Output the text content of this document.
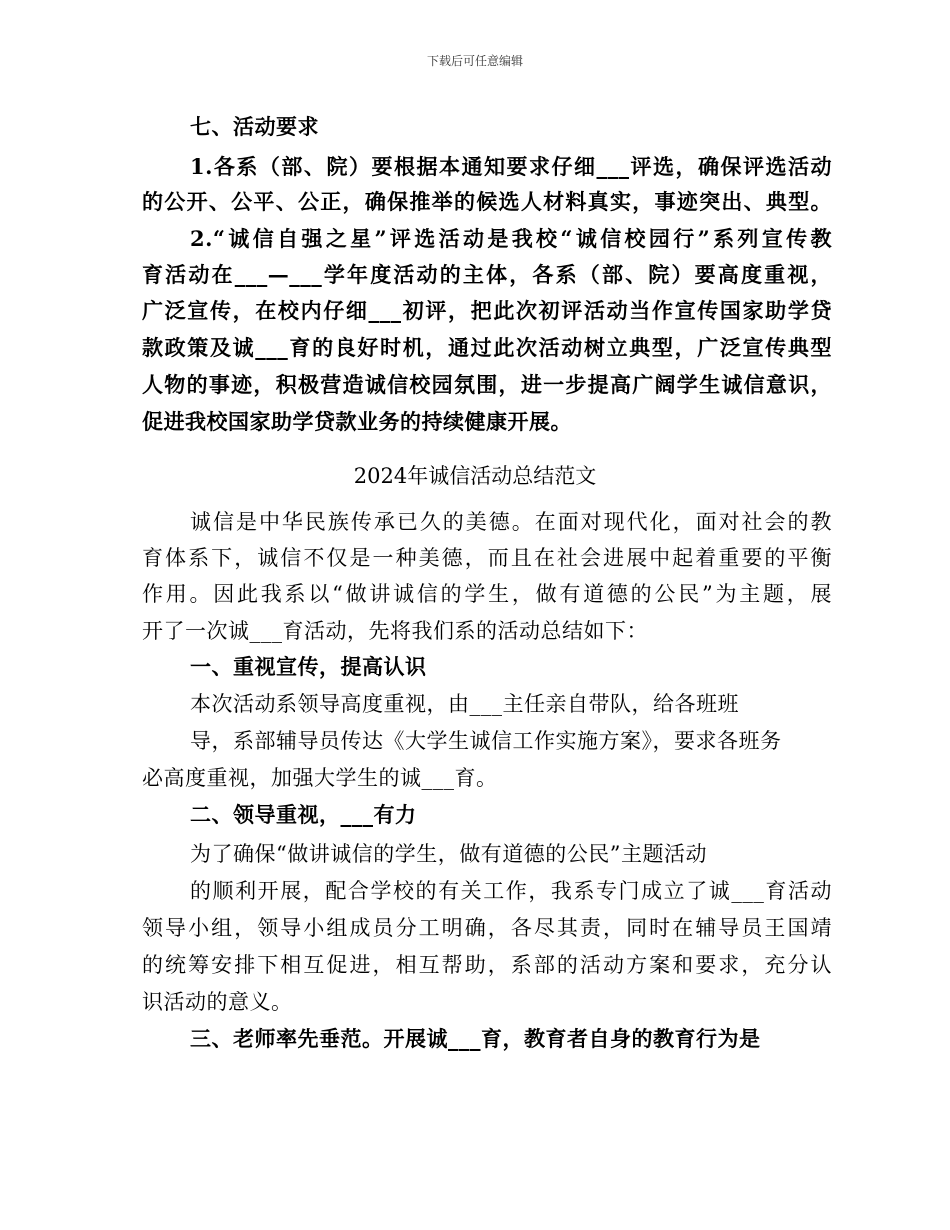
下载后可任意编辑
七、活动要求
1.各系（部、院）要根据本通知要求仔细___评选，确保评选活动
的公开、公平、公正，确保推举的候选人材料真实，事迹突出、典型。
2.“诚信自强之星”评选活动是我校“诚信校园行”系列宣传教
育活动在___—___学年度活动的主体，各系（部、院）要高度重视，
广泛宣传，在校内仔细___初评，把此次初评活动当作宣传国家助学贷
款政策及诚___育的良好时机，通过此次活动树立典型，广泛宣传典型
人物的事迹，积极营造诚信校园氛围，进一步提高广阔学生诚信意识，
促进我校国家助学贷款业务的持续健康开展。
2024年诚信活动总结范文
诚信是中华民族传承已久的美德。在面对现代化，面对社会的教
育体系下，诚信不仅是一种美德，而且在社会进展中起着重要的平衡
作用。因此我系以“做讲诚信的学生，做有道德的公民”为主题，展
开了一次诚___育活动，先将我们系的活动总结如下：
一、重视宣传，提高认识
本次活动系领导高度重视，由___主任亲自带队，给各班班
导，系部辅导员传达《大学生诚信工作实施方案》，要求各班务
必高度重视，加强大学生的诚___育。
二、领导重视，___有力
为了确保“做讲诚信的学生，做有道德的公民”主题活动
的顺利开展，配合学校的有关工作，我系专门成立了诚___育活动
领导小组，领导小组成员分工明确，各尽其责，同时在辅导员王国靖
的统筹安排下相互促进，相互帮助，系部的活动方案和要求，充分认
识活动的意义。
三、老师率先垂范。开展诚___育，教育者自身的教育行为是
